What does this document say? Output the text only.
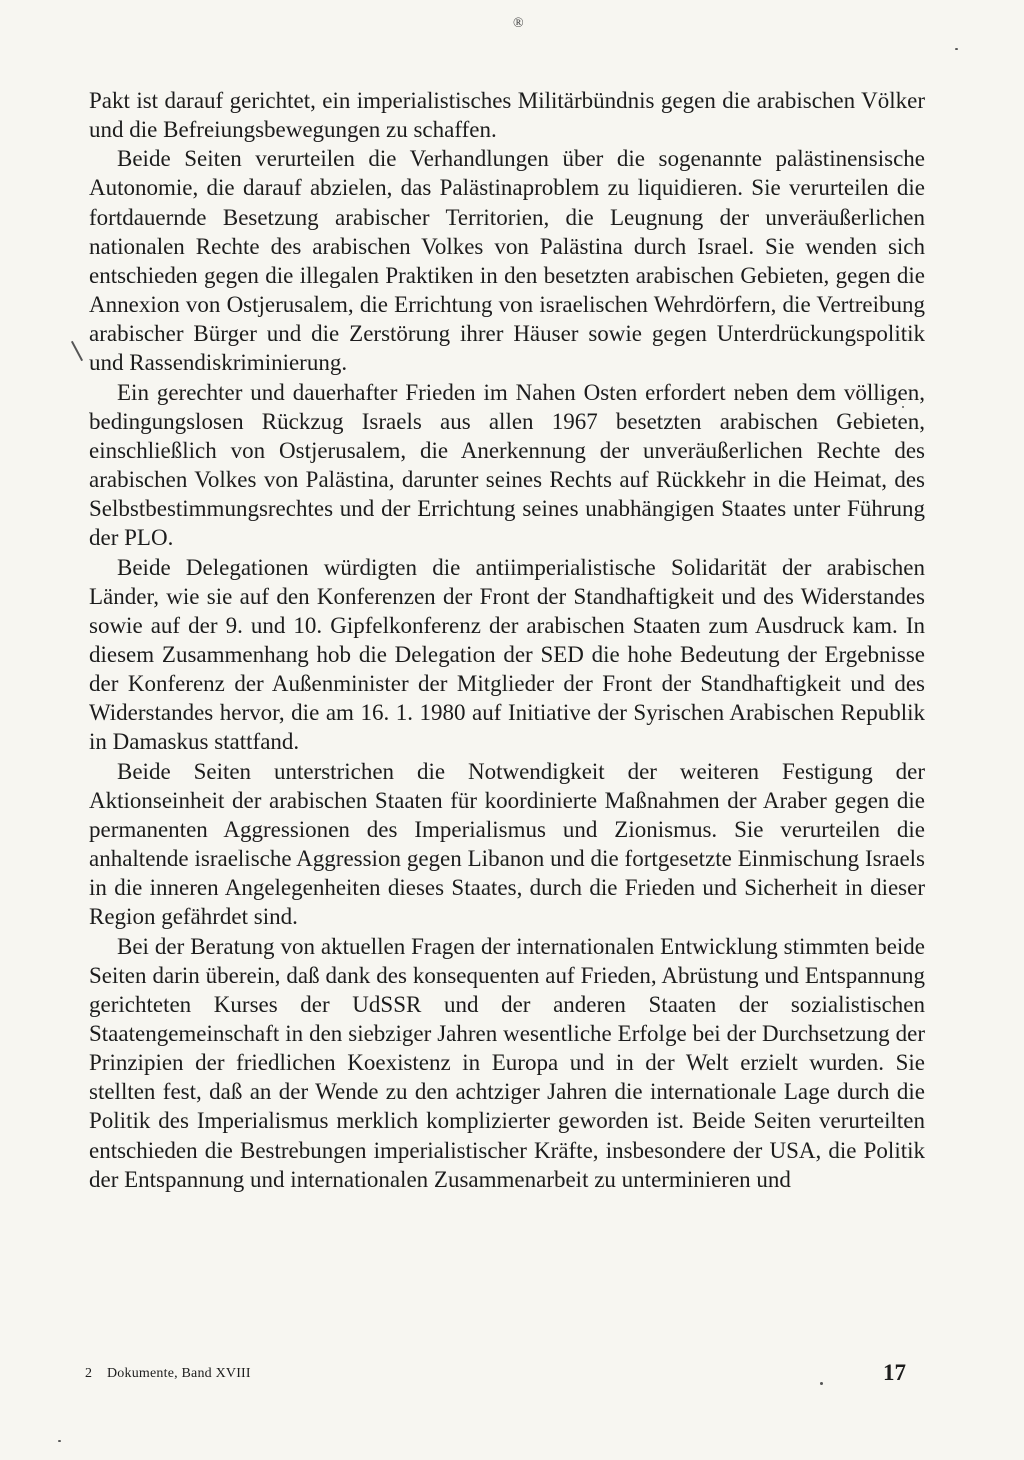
®

Pakt ist darauf gerichtet, ein imperialistisches Militärbündnis gegen die arabischen Völker und die Befreiungsbewegungen zu schaffen.

Beide Seiten verurteilen die Verhandlungen über die sogenannte palästinensische Autonomie, die darauf abzielen, das Palästinaproblem zu liquidieren. Sie verurteilen die fortdauernde Besetzung arabischer Territorien, die Leugnung der unveräußerlichen nationalen Rechte des arabischen Volkes von Palästina durch Israel. Sie wenden sich entschieden gegen die illegalen Praktiken in den besetzten arabischen Gebieten, gegen die Annexion von Ostjerusalem, die Errichtung von israelischen Wehrdörfern, die Vertreibung arabischer Bürger und die Zerstörung ihrer Häuser sowie gegen Unterdrückungspolitik und Rassendiskriminierung.

Ein gerechter und dauerhafter Frieden im Nahen Osten erfordert neben dem völligen, bedingungslosen Rückzug Israels aus allen 1967 besetzten arabischen Gebieten, einschließlich von Ostjerusalem, die Anerkennung der unveräußerlichen Rechte des arabischen Volkes von Palästina, darunter seines Rechts auf Rückkehr in die Heimat, des Selbstbestimmungsrechtes und der Errichtung seines unabhängigen Staates unter Führung der PLO.

Beide Delegationen würdigten die antiimperialistische Solidarität der arabischen Länder, wie sie auf den Konferenzen der Front der Standhaftigkeit und des Widerstandes sowie auf der 9. und 10. Gipfelkonferenz der arabischen Staaten zum Ausdruck kam. In diesem Zusammenhang hob die Delegation der SED die hohe Bedeutung der Ergebnisse der Konferenz der Außenminister der Mitglieder der Front der Standhaftigkeit und des Widerstandes hervor, die am 16. 1. 1980 auf Initiative der Syrischen Arabischen Republik in Damaskus stattfand.

Beide Seiten unterstrichen die Notwendigkeit der weiteren Festigung der Aktionseinheit der arabischen Staaten für koordinierte Maßnahmen der Araber gegen die permanenten Aggressionen des Imperialismus und Zionismus. Sie verurteilen die anhaltende israelische Aggression gegen Libanon und die fortgesetzte Einmischung Israels in die inneren Angelegenheiten dieses Staates, durch die Frieden und Sicherheit in dieser Region gefährdet sind.

Bei der Beratung von aktuellen Fragen der internationalen Entwicklung stimmten beide Seiten darin überein, daß dank des konsequenten auf Frieden, Abrüstung und Entspannung gerichteten Kurses der UdSSR und der anderen Staaten der sozialistischen Staatengemeinschaft in den siebziger Jahren wesentliche Erfolge bei der Durchsetzung der Prinzipien der friedlichen Koexistenz in Europa und in der Welt erzielt wurden. Sie stellten fest, daß an der Wende zu den achtziger Jahren die internationale Lage durch die Politik des Imperialismus merklich komplizierter geworden ist. Beide Seiten verurteilten entschieden die Bestrebungen imperialistischer Kräfte, insbesondere der USA, die Politik der Entspannung und internationalen Zusammenarbeit zu unterminieren und

2 Dokumente, Band XVIII	17
